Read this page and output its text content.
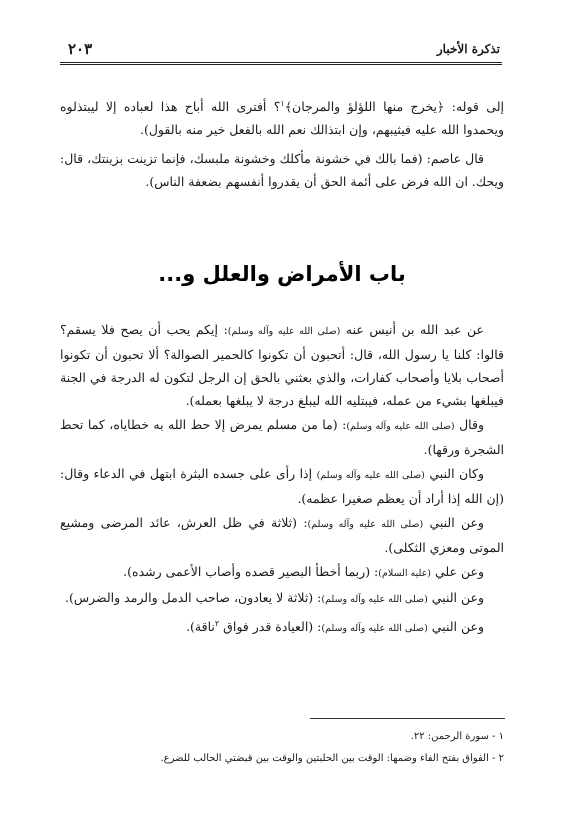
تذكرة الأخبار
٢٠٣

إلى قوله: ﴿يخرج منها اللؤلؤ والمرجان﴾$^١$؟ أفترى الله أباح هذا لعباده إلا ليبتذلوه ويحمدوا الله عليه فيثيبهم، وإن ابتذالك نعم الله بالفعل خير منه بالقول).

قال عاصم: (فما بالك في خشونة مأكلك وخشونة ملبسك، فإنما تزينت بزينتك، قال: ويحك. ان الله فرض على أئمة الحق أن يقدروا أنفسهم بضعفة الناس).

باب الأمراض والعلل و...

عن عبد الله بن أنيس عنه (صلى الله عليه وآله وسلم): إيكم يحب أن يصح فلا يسقم؟ قالوا: كلنا يا رسول الله، قال: أتحبون أن تكونوا كالحمير الصوالة؟ ألا تحبون أن تكونوا أصحاب بلايا وأصحاب كفارات، والذي بعثني بالحق إن الرجل لتكون له الدرجة في الجنة فيبلغها بشيء من عمله، فيبتليه الله ليبلغ درجة لا يبلغها بعمله).

وقال (صلى الله عليه وآله وسلم): (ما من مسلم يمرض إلا حط الله به خطاياه، كما تحط الشجرة ورقها).

وكان النبي (صلى الله عليه وآله وسلم) إذا رأى على جسده البثرة ابتهل في الدعاء وقال: (إن الله إذا أراد أن يعظم صغيرا عظمه).

وعن النبي (صلى الله عليه وآله وسلم): (ثلاثة في ظل العرش، عائد المرضى ومشيع الموتى ومعزي الثكلى).

وعن علي (عليه السلام): (ربما أخطأ البصير قصده وأصاب الأعمى رشده).

وعن النبي (صلى الله عليه وآله وسلم): (ثلاثة لا يعادون، صاحب الدمل والرمد والضرس).

وعن النبي (صلى الله عليه وآله وسلم): (العيادة قدر فواق $^٢$ناقة).

١ - سورة الرحمن: ٢٢.
٢ - الفواق بفتح الفاء وضمها: الوقت بين الحلبتين والوقت بين قبضتي الحالب للضرع.
